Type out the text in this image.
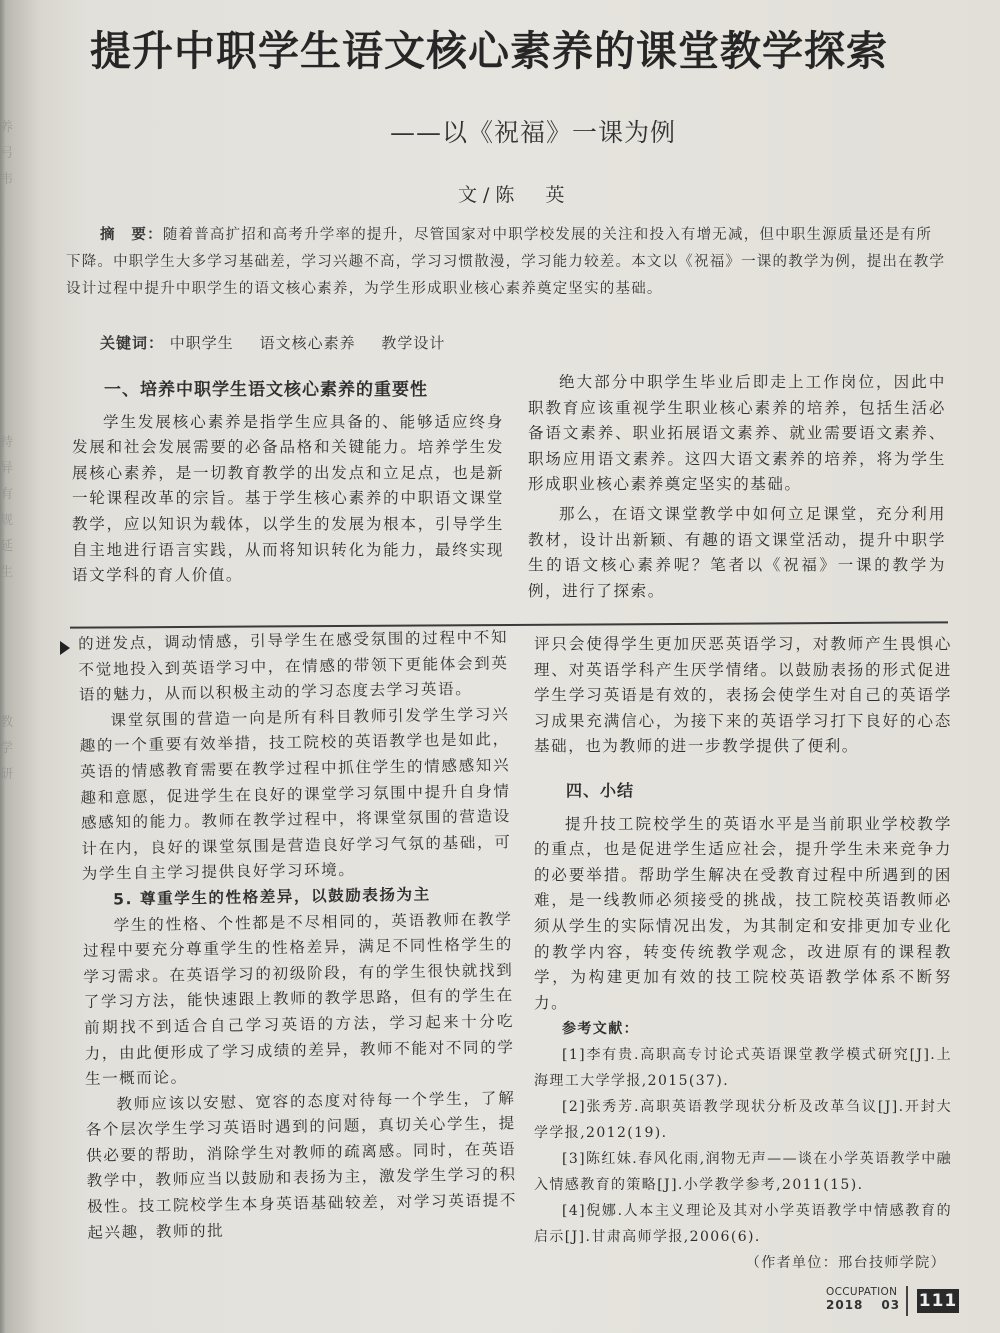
养
弓
韦
持
异
有
规
延
生
教
学
研
提升中职学生语文核心素养的课堂教学探索
——以《祝福》一课为例
文/陈　英
摘　要：随着普高扩招和高考升学率的提升，尽管国家对中职学校发展的关注和投入有增无减，但中职生源质量还是有所下降。中职学生大多学习基础差，学习兴趣不高，学习习惯散漫，学习能力较差。本文以《祝福》一课的教学为例，提出在教学设计过程中提升中职学生的语文核心素养，为学生形成职业核心素养奠定坚实的基础。
关键词： 中职学生 语文核心素养 教学设计
一、培养中职学生语文核心素养的重要性

学生发展核心素养是指学生应具备的、能够适应终身发展和社会发展需要的必备品格和关键能力。培养学生发展核心素养，是一切教育教学的出发点和立足点，也是新一轮课程改革的宗旨。基于学生核心素养的中职语文课堂教学，应以知识为载体，以学生的发展为根本，引导学生自主地进行语言实践，从而将知识转化为能力，最终实现语文学科的育人价值。

绝大部分中职学生毕业后即走上工作岗位，因此中职教育应该重视学生职业核心素养的培养，包括生活必备语文素养、职业拓展语文素养、就业需要语文素养、职场应用语文素养。这四大语文素养的培养，将为学生形成职业核心素养奠定坚实的基础。

那么，在语文课堂教学中如何立足课堂，充分利用教材，设计出新颖、有趣的语文课堂活动，提升中职学生的语文核心素养呢？笔者以《祝福》一课的教学为例，进行了探索。

的迸发点，调动情感，引导学生在感受氛围的过程中不知不觉地投入到英语学习中，在情感的带领下更能体会到英语的魅力，从而以积极主动的学习态度去学习英语。

课堂氛围的营造一向是所有科目教师引发学生学习兴趣的一个重要有效举措，技工院校的英语教学也是如此，英语的情感教育需要在教学过程中抓住学生的情感感知兴趣和意愿，促进学生在良好的课堂学习氛围中提升自身情感感知的能力。教师在教学过程中，将课堂氛围的营造设计在内，良好的课堂氛围是营造良好学习气氛的基础，可为学生自主学习提供良好学习环境。

5. 尊重学生的性格差异，以鼓励表扬为主

学生的性格、个性都是不尽相同的，英语教师在教学过程中要充分尊重学生的性格差异，满足不同性格学生的学习需求。在英语学习的初级阶段，有的学生很快就找到了学习方法，能快速跟上教师的教学思路，但有的学生在前期找不到适合自己学习英语的方法，学习起来十分吃力，由此便形成了学习成绩的差异，教师不能对不同的学生一概而论。

教师应该以安慰、宽容的态度对待每一个学生，了解各个层次学生学习英语时遇到的问题，真切关心学生，提供必要的帮助，消除学生对教师的疏离感。同时，在英语教学中，教师应当以鼓励和表扬为主，激发学生学习的积极性。技工院校学生本身英语基础较差，对学习英语提不起兴趣，教师的批

评只会使得学生更加厌恶英语学习，对教师产生畏惧心理、对英语学科产生厌学情绪。以鼓励表扬的形式促进学生学习英语是有效的，表扬会使学生对自己的英语学习成果充满信心，为接下来的英语学习打下良好的心态基础，也为教师的进一步教学提供了便利。

四、小结

提升技工院校学生的英语水平是当前职业学校教学的重点，也是促进学生适应社会，提升学生未来竞争力的必要举措。帮助学生解决在受教育过程中所遇到的困难，是一线教师必须接受的挑战，技工院校英语教师必须从学生的实际情况出发，为其制定和安排更加专业化的教学内容，转变传统教学观念，改进原有的课程教学，为构建更加有效的技工院校英语教学体系不断努力。

参考文献：

[1]李有贵.高职高专讨论式英语课堂教学模式研究[J].上海理工大学学报,2015(37).

[2]张秀芳.高职英语教学现状分析及改革刍议[J].开封大学学报,2012(19).

[3]陈红妹.春风化雨,润物无声——谈在小学英语教学中融入情感教育的策略[J].小学教学参考,2011(15).

[4]倪娜.人本主义理论及其对小学英语教学中情感教育的启示[J].甘肃高师学报,2006(6).

（作者单位：邢台技师学院）

OCCUPATION
2018 03	111
